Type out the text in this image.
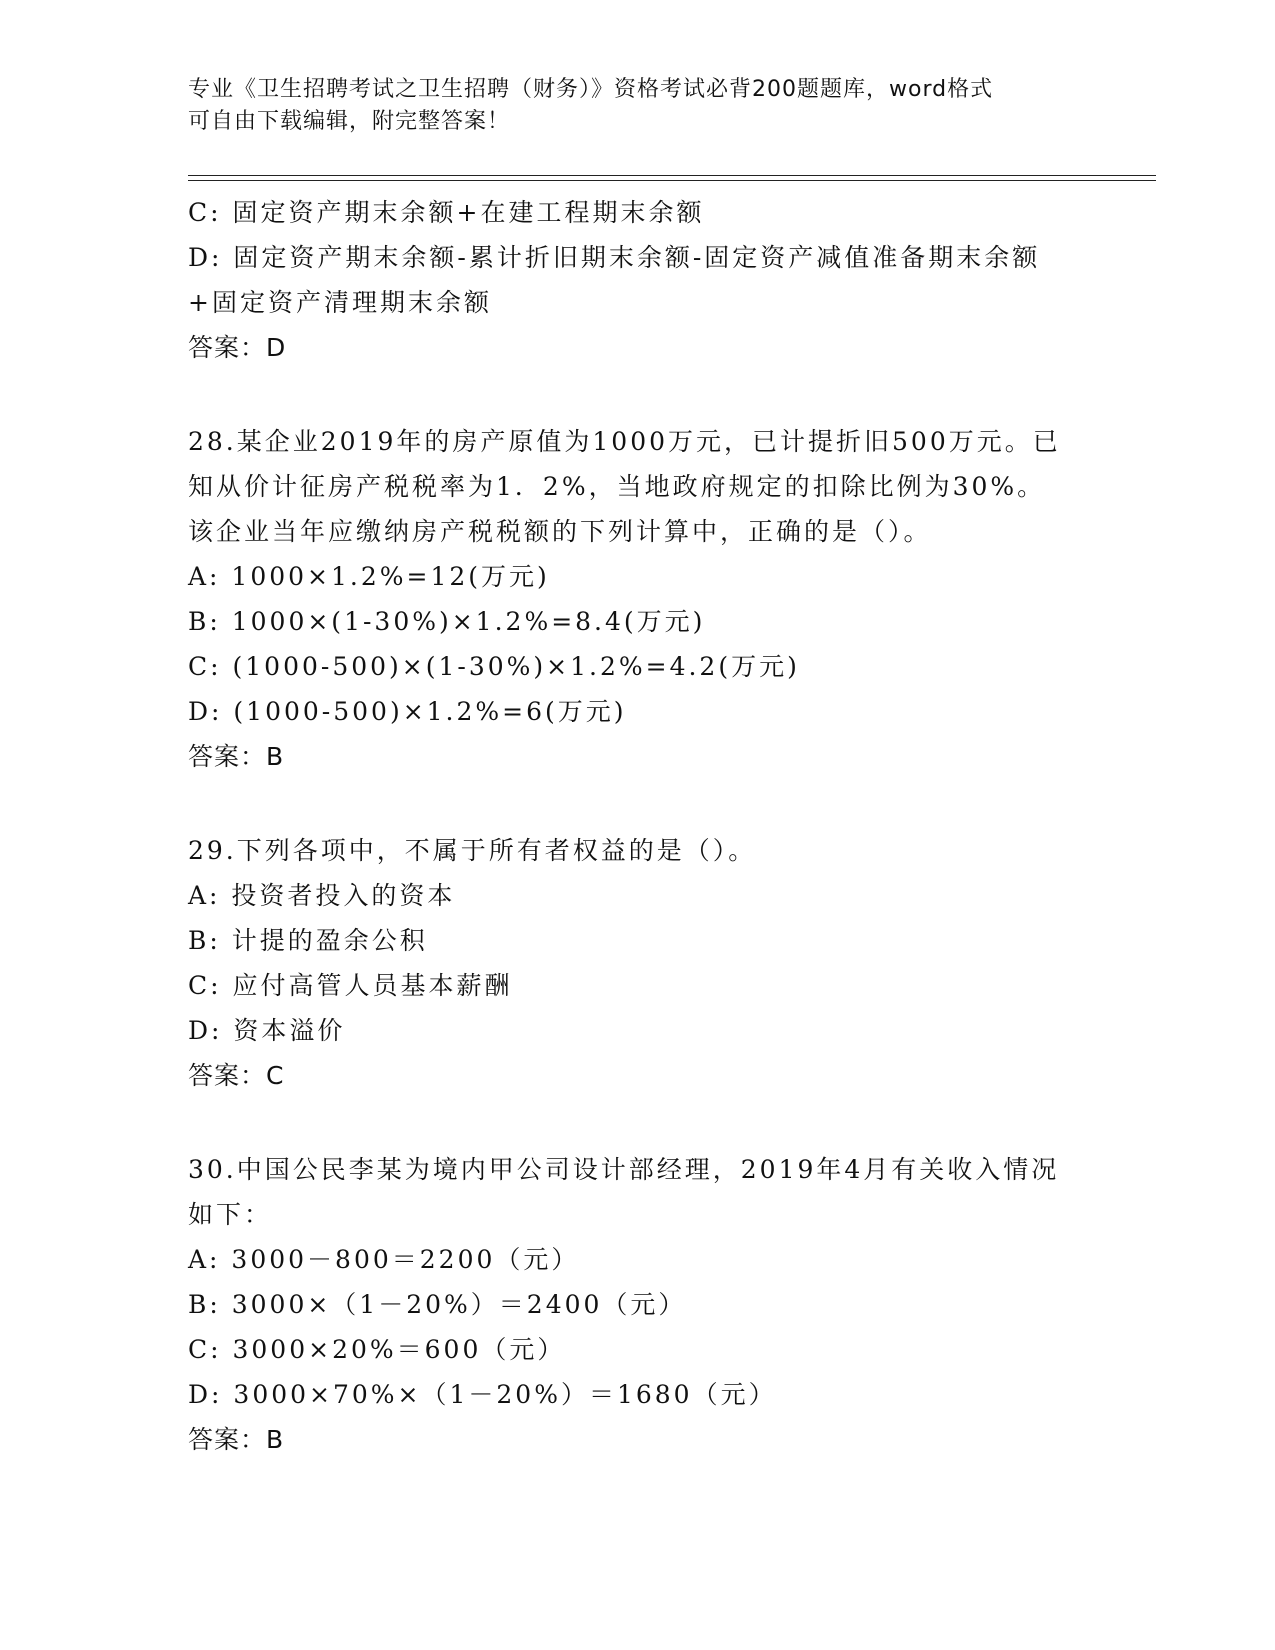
专业《卫生招聘考试之卫生招聘（财务）》资格考试必背200题题库，word格式
可自由下载编辑，附完整答案！
C: 固定资产期末余额+在建工程期末余额
D: 固定资产期末余额-累计折旧期末余额-固定资产减值准备期末余额
+固定资产清理期末余额
答案：D
28.某企业2019年的房产原值为1000万元，已计提折旧500万元。已
知从价计征房产税税率为1．2%，当地政府规定的扣除比例为30%。
该企业当年应缴纳房产税税额的下列计算中，正确的是（）。
A: 1000×1.2%=12(万元)
B: 1000×(1-30%)×1.2%=8.4(万元)
C: (1000-500)×(1-30%)×1.2%=4.2(万元)
D: (1000-500)×1.2%=6(万元)
答案：B
29.下列各项中，不属于所有者权益的是（）。
A: 投资者投入的资本
B: 计提的盈余公积
C: 应付高管人员基本薪酬
D: 资本溢价
答案：C
30.中国公民李某为境内甲公司设计部经理，2019年4月有关收入情况
如下：
A: 3000－800＝2200（元）
B: 3000×（1－20%）＝2400（元）
C: 3000×20%＝600（元）
D: 3000×70%×（1－20%）＝1680（元）
答案：B
